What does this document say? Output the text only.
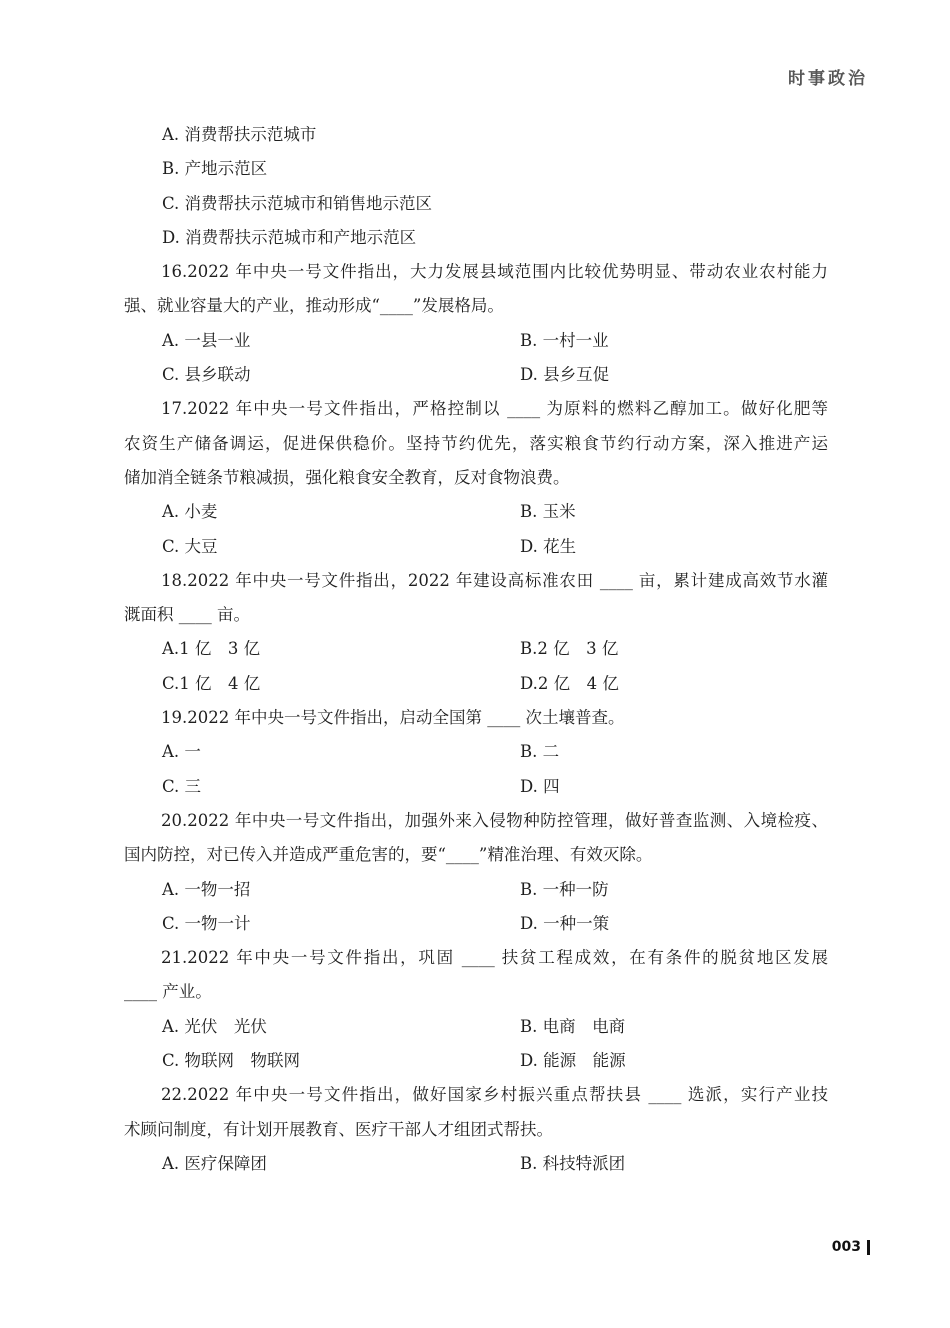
时事政治
A. 消费帮扶示范城市
B. 产地示范区
C. 消费帮扶示范城市和销售地示范区
D. 消费帮扶示范城市和产地示范区
16.2022 年中央一号文件指出，大力发展县域范围内比较优势明显、带动农业农村能力
强、就业容量大的产业，推动形成“____”发展格局。
A. 一县一业	B. 一村一业
C. 县乡联动	D. 县乡互促
17.2022 年中央一号文件指出，严格控制以 ____ 为原料的燃料乙醇加工。做好化肥等
农资生产储备调运，促进保供稳价。坚持节约优先，落实粮食节约行动方案，深入推进产运
储加消全链条节粮减损，强化粮食安全教育，反对食物浪费。
A. 小麦	B. 玉米
C. 大豆	D. 花生
18.2022 年中央一号文件指出，2022 年建设高标准农田 ____ 亩，累计建成高效节水灌
溉面积 ____ 亩。
A.1 亿　3 亿	B.2 亿　3 亿
C.1 亿　4 亿	D.2 亿　4 亿
19.2022 年中央一号文件指出，启动全国第 ____ 次土壤普查。
A. 一	B. 二
C. 三	D. 四
20.2022 年中央一号文件指出，加强外来入侵物种防控管理，做好普查监测、入境检疫、
国内防控，对已传入并造成严重危害的，要“____”精准治理、有效灭除。
A. 一物一招	B. 一种一防
C. 一物一计	D. 一种一策
21.2022 年中央一号文件指出，巩固 ____ 扶贫工程成效，在有条件的脱贫地区发展
____ 产业。
A. 光伏　光伏	B. 电商　电商
C. 物联网　物联网	D. 能源　能源
22.2022 年中央一号文件指出，做好国家乡村振兴重点帮扶县 ____ 选派，实行产业技
术顾问制度，有计划开展教育、医疗干部人才组团式帮扶。
A. 医疗保障团	B. 科技特派团
003
